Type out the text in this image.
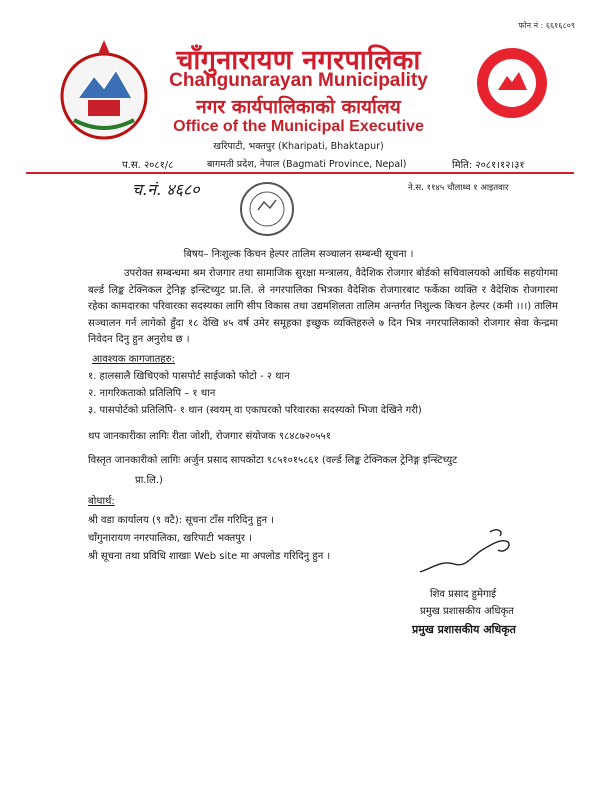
फोन नं : ६६१६८०९
चाँगुनारायण नगरपालिका
Changunarayan Municipality
नगर कार्यपालिकाको कार्यालय
Office of the Municipal Executive
खरिपाटी, भक्तपुर (Kharipati, Bhaktapur)
प.स. २०८१/८	बागमती प्रदेश, नेपाल (Bagmati Province, Nepal)	मिति: २०८१।१२।३१
च.नं. ४६८०	ने.स. ११४५ चौलाथ्व १ आइतवार
बिषय– निःशुल्क किचन हेल्पर तालिम सञ्चालन सम्बन्धी सूचना ।
उपरोक्त सम्बन्धमा श्रम रोजगार तथा सामाजिक सुरक्षा मन्त्रालय, वैदेशिक रोजगार बोर्डको सचिवालयको आर्थिक सहयोगमा बर्ल्ड लिङ्क टेक्निकल ट्रेनिङ्ग इन्स्टिच्युट प्रा.लि. ले नगरपालिका भित्रका वैदेशिक रोजगारबाट फर्केका व्यक्ति र वैदेशिक रोजगारमा रहेका कामदारका परिवारका सदस्यका लागि सीप विकास तथा उद्यमशिलता तालिम अन्तर्गत निशुल्क किचन हेल्पर (कमी ।।।) तालिम सञ्चालन गर्न लागेको हुँदा १८ देखि ४५ वर्ष उमेर समूहका इच्छुक व्यक्तिहरुले ७ दिन भित्र नगरपालिकाको रोजगार सेवा केन्द्रमा निवेदन दिनु हुन अनुरोध छ ।
आवश्यक कागजातहरु:
१. हालसालै खिचिएको पासपोर्ट साईजको फोटो - २ थान
२. नागरिकताको प्रतिलिपि – १ थान
३. पासपोर्टको प्रतिलिपि- १ थान (स्वयम् वा एकाघरको परिवारका सदस्यको भिजा देखिने गरी)
थप जानकारीका लागिः रीता जोशी, रोजगार संयोजक ९८४८७२०५५१
विस्तृत जानकारीको लागिः अर्जुन प्रसाद सापकोटा ९८५१०१५८६१ (वर्ल्ड लिङ्क टेक्निकल ट्रेनिङ्ग इन्स्टिच्युट
प्रा.लि.)
बोधार्थ:
श्री वडा कार्यालय (९ वटै): सूचना टाँस गरिदिनु हुन ।
चाँगुनारायण नगरपालिका, खरिपाटी भक्तपुर ।
श्री सूचना तथा प्रविधि शाखाः Web site मा अपलोड गरिदिनु हुन ।
शिव प्रसाद हुमेगाई
प्रमुख प्रशासकीय अधिकृत
प्रमुख प्रशासकीय अधिकृत
